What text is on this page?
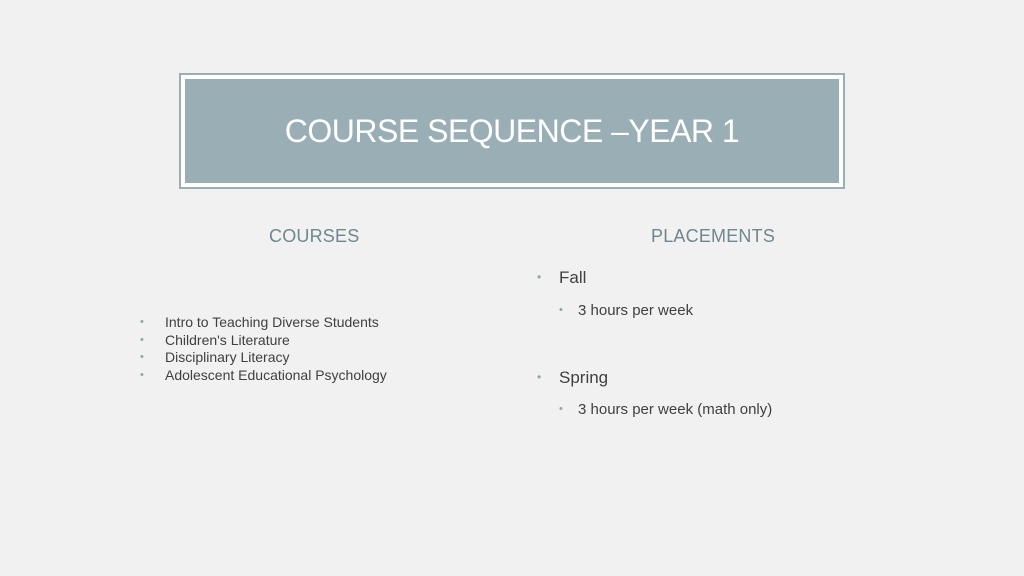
COURSE SEQUENCE –YEAR 1
COURSES	PLACEMENTS
• Intro to Teaching Diverse Students
• Children's Literature
• Disciplinary Literacy
• Adolescent Educational Psychology
• Fall
• 3 hours per week
• Spring
• 3 hours per week (math only)
